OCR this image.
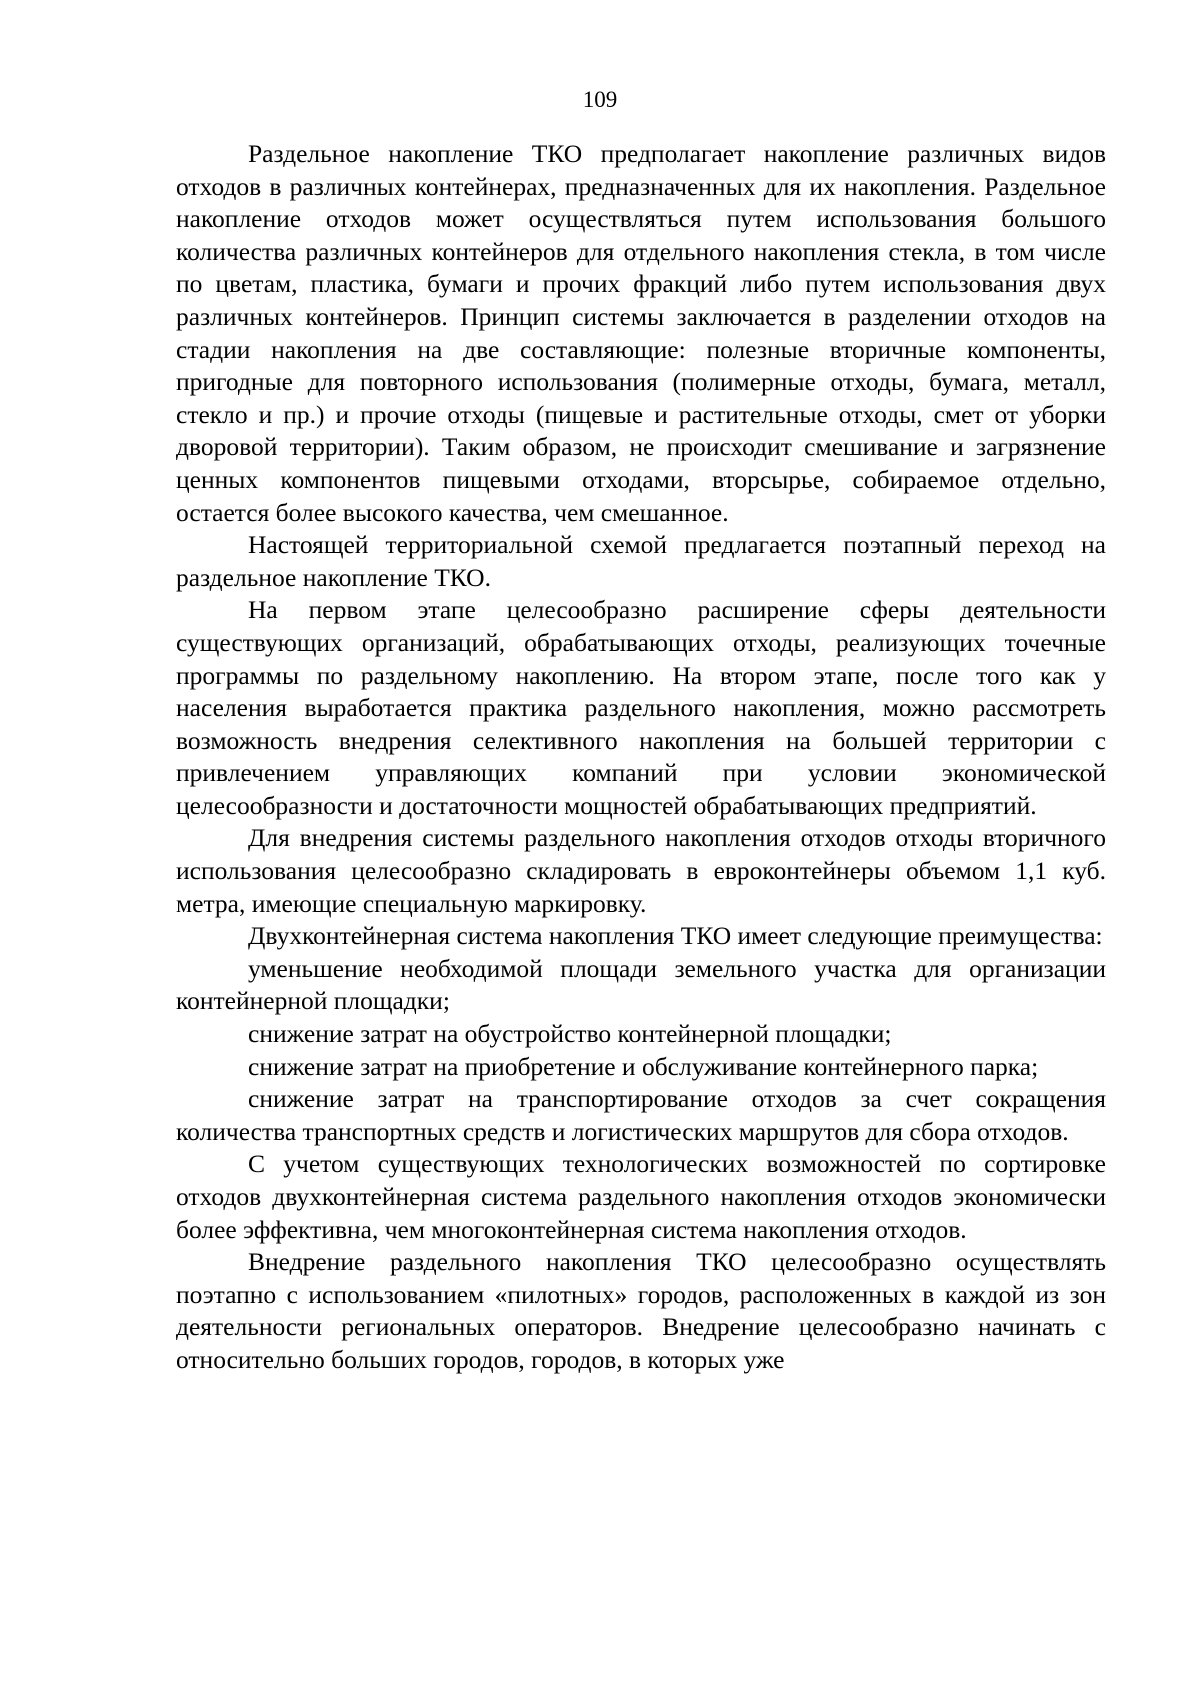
109

Раздельное накопление ТКО предполагает накопление различных видов отходов в различных контейнерах, предназначенных для их накопления. Раздельное накопление отходов может осуществляться путем использования большого количества различных контейнеров для отдельного накопления стекла, в том числе по цветам, пластика, бумаги и прочих фракций либо путем использования двух различных контейнеров. Принцип системы заключается в разделении отходов на стадии накопления на две составляющие: полезные вторичные компоненты, пригодные для повторного использования (полимерные отходы, бумага, металл, стекло и пр.) и прочие отходы (пищевые и растительные отходы, смет от уборки дворовой территории). Таким образом, не происходит смешивание и загрязнение ценных компонентов пищевыми отходами, вторсырье, собираемое отдельно, остается более высокого качества, чем смешанное.

Настоящей территориальной схемой предлагается поэтапный переход на раздельное накопление ТКО.

На первом этапе целесообразно расширение сферы деятельности существующих организаций, обрабатывающих отходы, реализующих точечные программы по раздельному накоплению. На втором этапе, после того как у населения выработается практика раздельного накопления, можно рассмотреть возможность внедрения селективного накопления на большей территории с привлечением управляющих компаний при условии экономической целесообразности и достаточности мощностей обрабатывающих предприятий.

Для внедрения системы раздельного накопления отходов отходы вторичного использования целесообразно складировать в евроконтейнеры объемом 1,1 куб. метра, имеющие специальную маркировку.

Двухконтейнерная система накопления ТКО имеет следующие преимущества:

уменьшение необходимой площади земельного участка для организации контейнерной площадки;

снижение затрат на обустройство контейнерной площадки;

снижение затрат на приобретение и обслуживание контейнерного парка;

снижение затрат на транспортирование отходов за счет сокращения количества транспортных средств и логистических маршрутов для сбора отходов.

С учетом существующих технологических возможностей по сортировке отходов двухконтейнерная система раздельного накопления отходов экономически более эффективна, чем многоконтейнерная система накопления отходов.

Внедрение раздельного накопления ТКО целесообразно осуществлять поэтапно с использованием «пилотных» городов, расположенных в каждой из зон деятельности региональных операторов. Внедрение целесообразно начинать с относительно больших городов, городов, в которых уже
